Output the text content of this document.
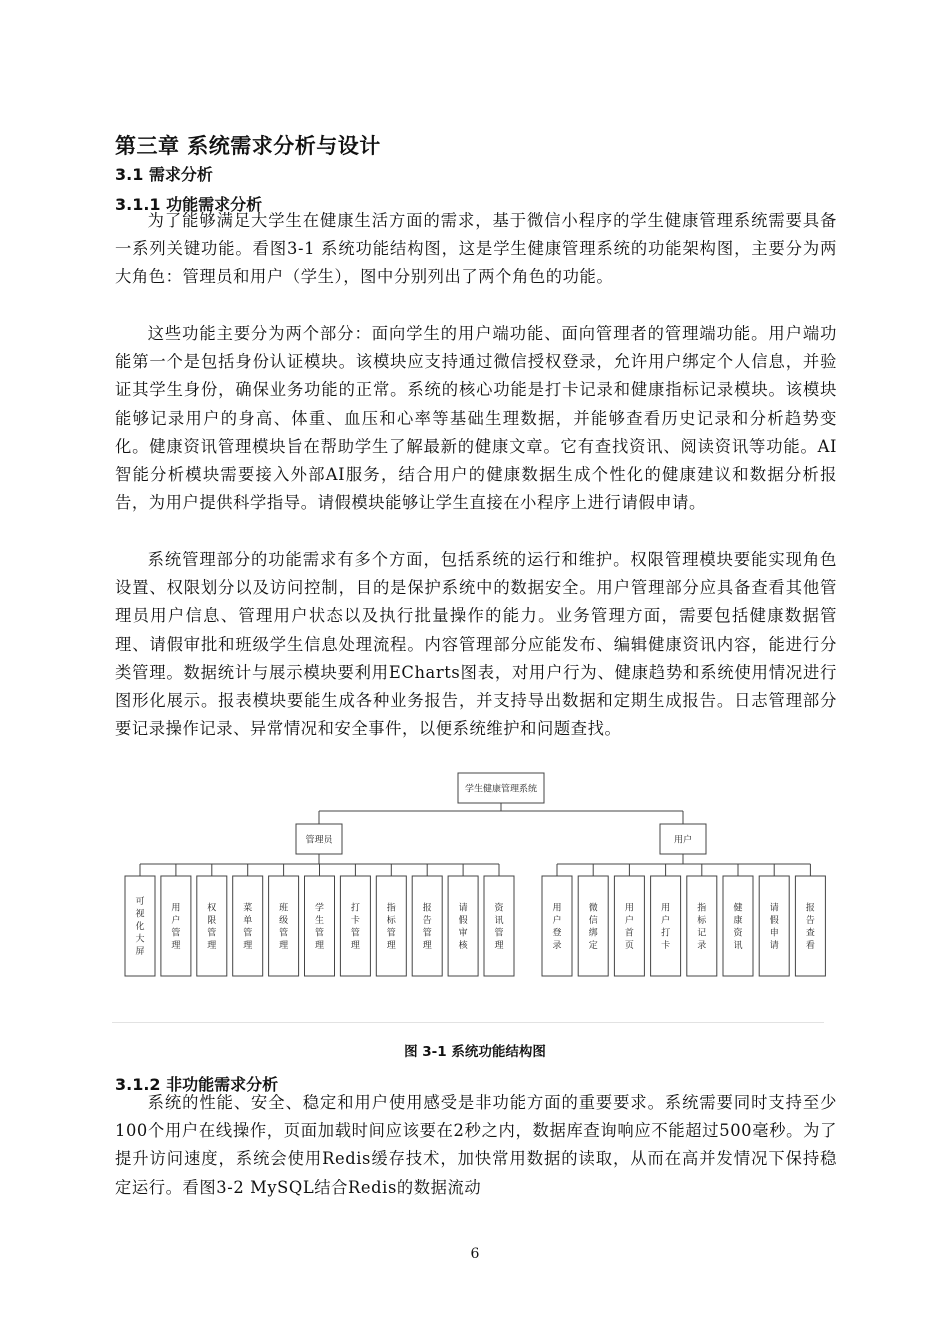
第三章 系统需求分析与设计
3.1 需求分析
3.1.1 功能需求分析

为了能够满足大学生在健康生活方面的需求，基于微信小程序的学生健康管理系统需要具备一系列关键功能。看图3-1 系统功能结构图，这是学生健康管理系统的功能架构图，主要分为两大角色：管理员和用户（学生），图中分别列出了两个角色的功能。

这些功能主要分为两个部分：面向学生的用户端功能、面向管理者的管理端功能。用户端功能第一个是包括身份认证模块。该模块应支持通过微信授权登录，允许用户绑定个人信息，并验证其学生身份，确保业务功能的正常。系统的核心功能是打卡记录和健康指标记录模块。该模块能够记录用户的身高、体重、血压和心率等基础生理数据，并能够查看历史记录和分析趋势变化。健康资讯管理模块旨在帮助学生了解最新的健康文章。它有查找资讯、阅读资讯等功能。AI智能分析模块需要接入外部AI服务，结合用户的健康数据生成个性化的健康建议和数据分析报告，为用户提供科学指导。请假模块能够让学生直接在小程序上进行请假申请。

系统管理部分的功能需求有多个方面，包括系统的运行和维护。权限管理模块要能实现角色设置、权限划分以及访问控制，目的是保护系统中的数据安全。用户管理部分应具备查看其他管理员用户信息、管理用户状态以及执行批量操作的能力。业务管理方面，需要包括健康数据管理、请假审批和班级学生信息处理流程。内容管理部分应能发布、编辑健康资讯内容，能进行分类管理。数据统计与展示模块要利用ECharts图表，对用户行为、健康趋势和系统使用情况进行图形化展示。报表模块要能生成各种业务报告，并支持导出数据和定期生成报告。日志管理部分要记录操作记录、异常情况和安全事件，以便系统维护和问题查找。

学生健康管理系统
管理员	用户
可
视
化
大
屏
用
户
管
理
权
限
管
理
菜
单
管
理
班
级
管
理
学
生
管
理
打
卡
管
理
指
标
管
理
报
告
管
理
请
假
审
核
资
讯
管
理
用
户
登
录
微
信
绑
定
用
户
首
页
用
户
打
卡
指
标
记
录
健
康
资
讯
请
假
申
请
报
告
查
看
图 3-1 系统功能结构图
3.1.2 非功能需求分析

系统的性能、安全、稳定和用户使用感受是非功能方面的重要要求。系统需要同时支持至少100个用户在线操作，页面加载时间应该要在2秒之内，数据库查询响应不能超过500毫秒。为了提升访问速度，系统会使用Redis缓存技术，加快常用数据的读取，从而在高并发情况下保持稳定运行。看图3-2 MySQL结合Redis的数据流动

6
